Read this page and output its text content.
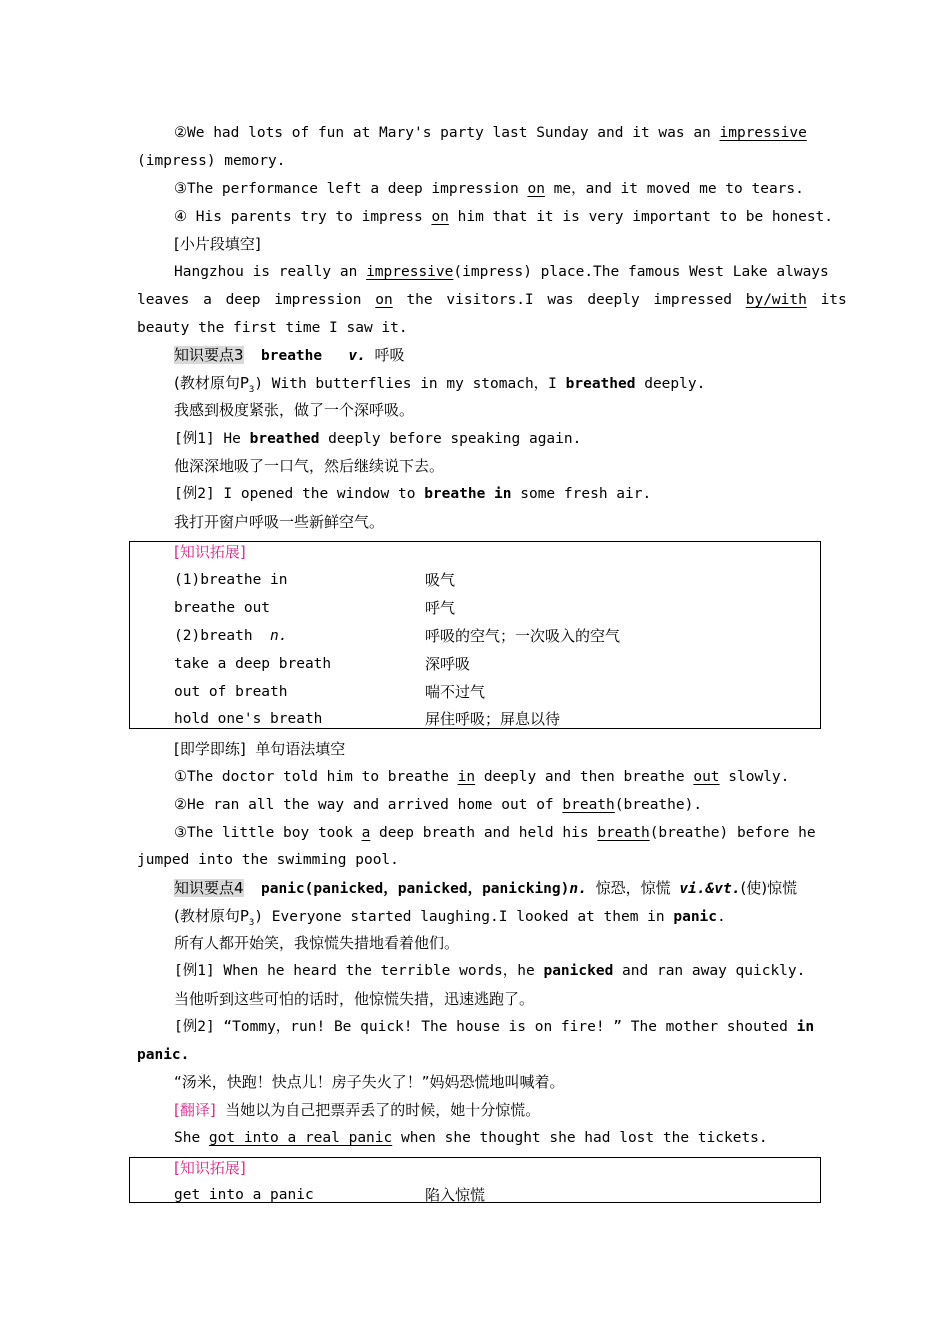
②We had lots of fun at Mary's party last Sunday and it was an impressive
(impress) memory.
③The performance left a deep impression on me，and it moved me to tears.
④ His parents try to impress on him that it is very important to be honest.
[小片段填空]
Hangzhou is really an impressive(impress) place.The famous West Lake always
leaves a deep impression on the visitors.I was deeply impressed by/with its
beauty the first time I saw it.
知识要点3 breathe v. 呼吸
(教材原句$P_3$) With butterflies in my stomach，I breathed deeply.
我感到极度紧张，做了一个深呼吸。
[例1] He breathed deeply before speaking again.
他深深地吸了一口气，然后继续说下去。
[例2] I opened the window to breathe in some fresh air.
我打开窗户呼吸一些新鲜空气。
[知识拓展]
(1)breathe in	吸气
breathe out	呼气
(2)breath n.	呼吸的空气；一次吸入的空气
take a deep breath	深呼吸
out of breath	喘不过气
hold one's breath	屏住呼吸；屏息以待
[即学即练] 单句语法填空
①The doctor told him to breathe in deeply and then breathe out slowly.
②He ran all the way and arrived home out of breath(breathe).
③The little boy took a deep breath and held his breath(breathe) before he
jumped into the swimming pool.
知识要点4 panic(panicked，panicked，panicking)n. 惊恐，惊慌 vi.&vt.(使)惊慌
(教材原句$P_3$) Everyone started laughing.I looked at them in panic.
所有人都开始笑，我惊慌失措地看着他们。
[例1] When he heard the terrible words，he panicked and ran away quickly.
当他听到这些可怕的话时，他惊慌失措，迅速逃跑了。
[例2] “Tommy，run! Be quick! The house is on fire! ” The mother shouted in
panic.
“汤米，快跑！快点儿！房子失火了！”妈妈恐慌地叫喊着。
[翻译] 当她以为自己把票弄丢了的时候，她十分惊慌。
She got into a real panic when she thought she had lost the tickets.
[知识拓展]
get into a panic	陷入惊慌
